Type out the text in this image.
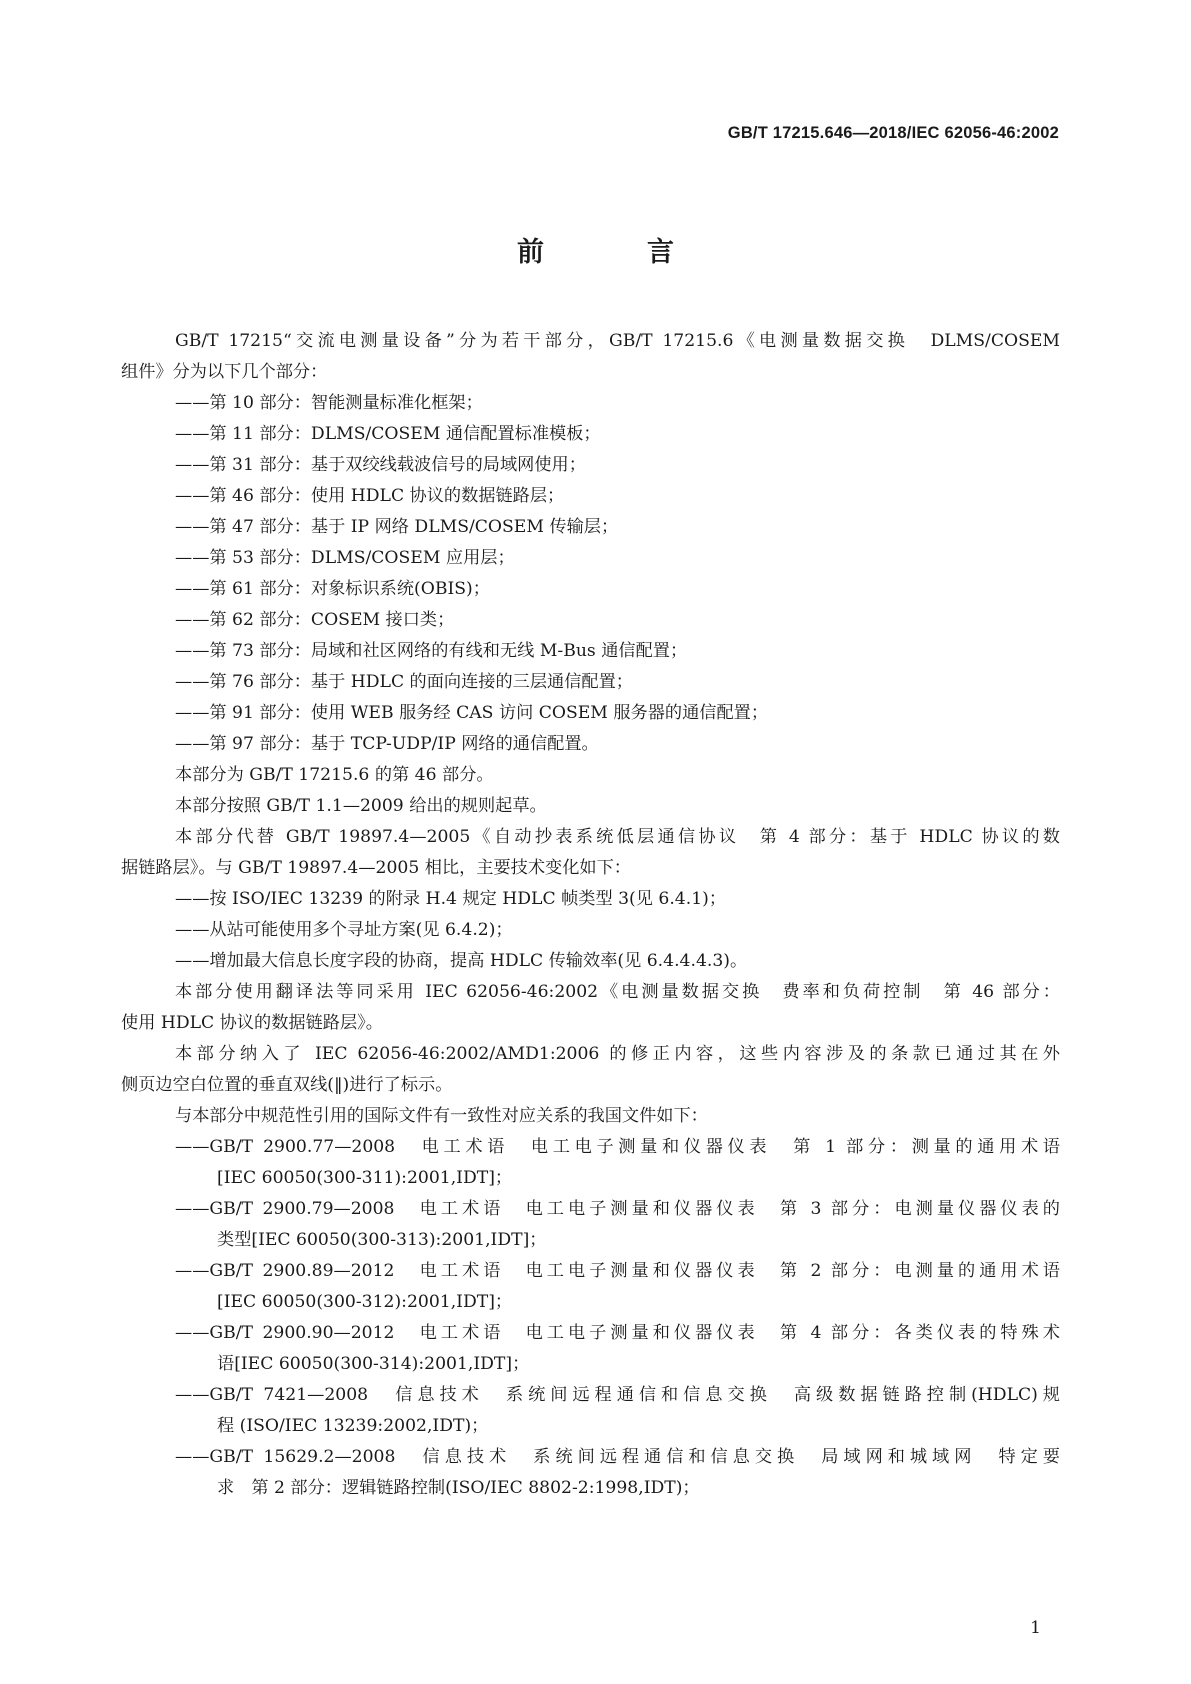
GB/T 17215.646—2018/IEC 62056-46:2002
前　言
GB/T 17215“交流电测量设备”分为若干部分，GB/T 17215.6《电测量数据交换　DLMS/COSEM
组件》分为以下几个部分：
——第 10 部分：智能测量标准化框架；
——第 11 部分：DLMS/COSEM 通信配置标准模板；
——第 31 部分：基于双绞线载波信号的局域网使用；
——第 46 部分：使用 HDLC 协议的数据链路层；
——第 47 部分：基于 IP 网络 DLMS/COSEM 传输层；
——第 53 部分：DLMS/COSEM 应用层；
——第 61 部分：对象标识系统(OBIS)；
——第 62 部分：COSEM 接口类；
——第 73 部分：局域和社区网络的有线和无线 M-Bus 通信配置；
——第 76 部分：基于 HDLC 的面向连接的三层通信配置；
——第 91 部分：使用 WEB 服务经 CAS 访问 COSEM 服务器的通信配置；
——第 97 部分：基于 TCP-UDP/IP 网络的通信配置。
本部分为 GB/T 17215.6 的第 46 部分。
本部分按照 GB/T 1.1—2009 给出的规则起草。
本部分代替 GB/T 19897.4—2005《自动抄表系统低层通信协议　第 4 部分：基于 HDLC 协议的数
据链路层》。与 GB/T 19897.4—2005 相比，主要技术变化如下：
——按 ISO/IEC 13239 的附录 H.4 规定 HDLC 帧类型 3(见 6.4.1)；
——从站可能使用多个寻址方案(见 6.4.2)；
——增加最大信息长度字段的协商，提高 HDLC 传输效率(见 6.4.4.4.3)。
本部分使用翻译法等同采用 IEC 62056-46:2002《电测量数据交换　费率和负荷控制　第 46 部分：
使用 HDLC 协议的数据链路层》。
本部分纳入了 IEC 62056-46:2002/AMD1:2006 的修正内容，这些内容涉及的条款已通过其在外
侧页边空白位置的垂直双线(‖)进行了标示。
与本部分中规范性引用的国际文件有一致性对应关系的我国文件如下：
——GB/T 2900.77—2008　电工术语　电工电子测量和仪器仪表　第 1 部分：测量的通用术语
[IEC 60050(300-311):2001,IDT]；
——GB/T 2900.79—2008　电工术语　电工电子测量和仪器仪表　第 3 部分：电测量仪器仪表的
类型[IEC 60050(300-313):2001,IDT]；
——GB/T 2900.89—2012　电工术语　电工电子测量和仪器仪表　第 2 部分：电测量的通用术语
[IEC 60050(300-312):2001,IDT]；
——GB/T 2900.90—2012　电工术语　电工电子测量和仪器仪表　第 4 部分：各类仪表的特殊术
语[IEC 60050(300-314):2001,IDT]；
——GB/T 7421—2008　信息技术　系统间远程通信和信息交换　高级数据链路控制(HDLC)规
程 (ISO/IEC 13239:2002,IDT)；
——GB/T 15629.2—2008　信息技术　系统间远程通信和信息交换　局域网和城域网　特定要
求　第 2 部分：逻辑链路控制(ISO/IEC 8802-2:1998,IDT)；
1
